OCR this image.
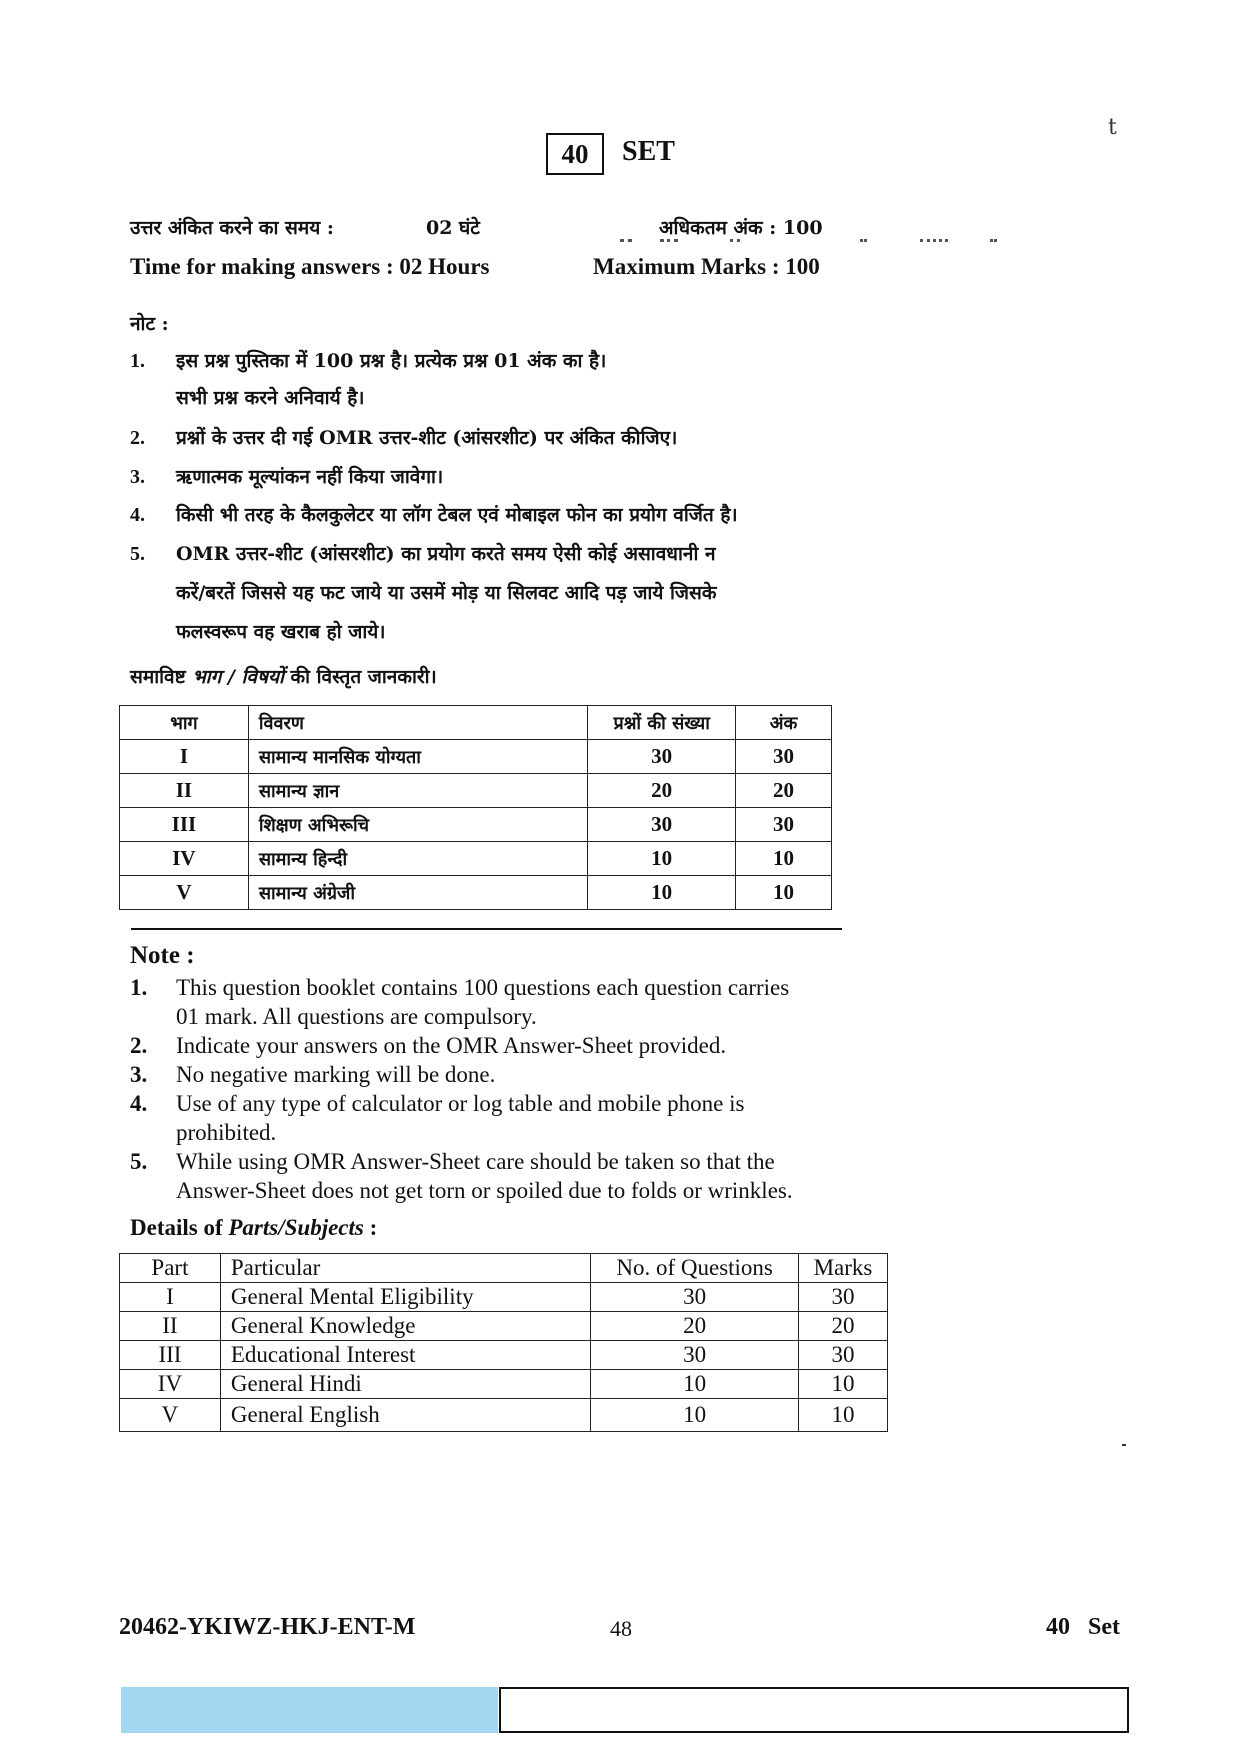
t
40	SET
उत्तर अंकित करने का समय :	02 घंटे	अधिकतम अंक : 100
Time for making answers : 02 Hours	Maximum Marks : 100
नोट :
1. इस प्रश्न पुस्तिका में 100 प्रश्न है। प्रत्येक प्रश्न 01 अंक का है।
सभी प्रश्न करने अनिवार्य है।
2. प्रश्नों के उत्तर दी गई OMR उत्तर-शीट (आंसरशीट) पर अंकित कीजिए।
3. ऋणात्मक मूल्यांकन नहीं किया जावेगा।
4. किसी भी तरह के कैलकुलेटर या लॉग टेबल एवं मोबाइल फोन का प्रयोग वर्जित है।
5. OMR उत्तर-शीट (आंसरशीट) का प्रयोग करते समय ऐसी कोई असावधानी न
करें/बरतें जिससे यह फट जाये या उसमें मोड़ या सिलवट आदि पड़ जाये जिसके
फलस्वरूप वह खराब हो जाये।
समाविष्ट भाग / विषयों की विस्तृत जानकारी।
भाग	विवरण	प्रश्नों की संख्या	अंक
I	सामान्य मानसिक योग्यता	30	30
II	सामान्य ज्ञान	20	20
III	शिक्षण अभिरूचि	30	30
IV	सामान्य हिन्दी	10	10
V	सामान्य अंग्रेजी	10	10
Note :
1.	This question booklet contains 100 questions each question carries
01 mark. All questions are compulsory.
2.	Indicate your answers on the OMR Answer-Sheet provided.
3.	No negative marking will be done.
4.	Use of any type of calculator or log table and mobile phone is
prohibited.
5.	While using OMR Answer-Sheet care should be taken so that the
Answer-Sheet does not get torn or spoiled due to folds or wrinkles.
Details of Parts/Subjects :
Part	Particular	No. of Questions	Marks
I	General Mental Eligibility	30	30
II	General Knowledge	20	20
III	Educational Interest	30	30
IV	General Hindi	10	10
V	General English	10	10
20462-YKIWZ-HKJ-ENT-M	48	40   Set
